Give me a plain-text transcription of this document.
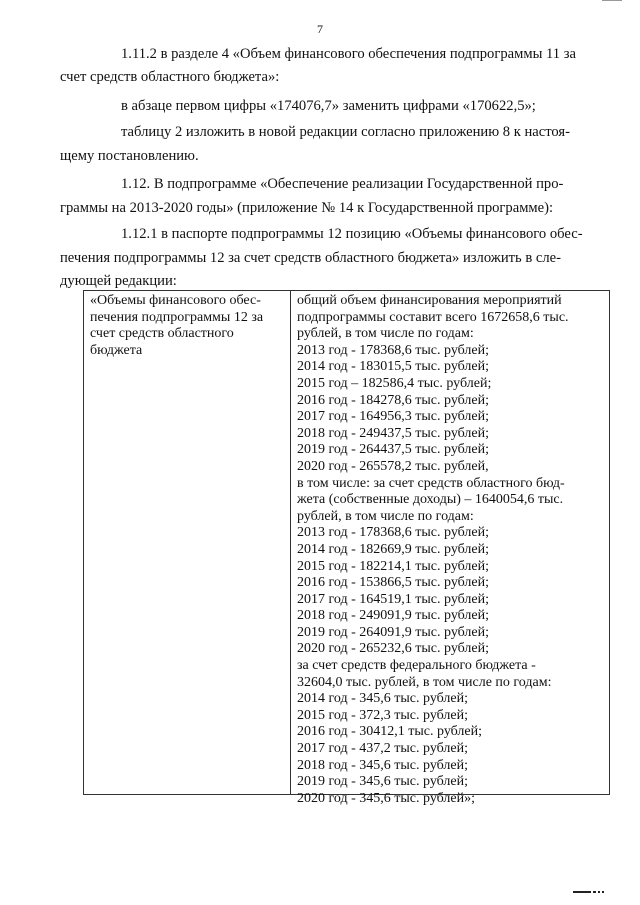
7
1.11.2 в разделе 4 «Объем финансового обеспечения подпрограммы 11 за
счет средств областного бюджета»:
в абзаце первом цифры «174076,7» заменить цифрами «170622,5»;
таблицу 2 изложить в новой редакции согласно приложению 8 к настоя-
щему постановлению.
1.12. В подпрограмме «Обеспечение реализации Государственной про-
граммы на 2013-2020 годы» (приложение № 14 к Государственной программе):
1.12.1 в паспорте подпрограммы 12 позицию «Объемы финансового обес-
печения подпрограммы 12 за счет средств областного бюджета» изложить в сле-
дующей редакции:
«Объемы финансового обес-
печения подпрограммы 12 за
счет средств областного
бюджета
общий объем финансирования мероприятий
подпрограммы составит всего 1672658,6 тыс.
рублей, в том числе по годам:
2013 год - 178368,6 тыс. рублей;
2014 год - 183015,5 тыс. рублей;
2015 год – 182586,4 тыс. рублей;
2016 год - 184278,6 тыс. рублей;
2017 год - 164956,3 тыс. рублей;
2018 год - 249437,5 тыс. рублей;
2019 год - 264437,5 тыс. рублей;
2020 год - 265578,2 тыс. рублей,
в том числе: за счет средств областного бюд-
жета (собственные доходы) – 1640054,6 тыс.
рублей, в том числе по годам:
2013 год - 178368,6 тыс. рублей;
2014 год - 182669,9 тыс. рублей;
2015 год - 182214,1 тыс. рублей;
2016 год - 153866,5 тыс. рублей;
2017 год - 164519,1 тыс. рублей;
2018 год - 249091,9 тыс. рублей;
2019 год - 264091,9 тыс. рублей;
2020 год - 265232,6 тыс. рублей;
за счет средств федерального бюджета -
32604,0 тыс. рублей, в том числе по годам:
2014 год - 345,6 тыс. рублей;
2015 год - 372,3 тыс. рублей;
2016 год - 30412,1 тыс. рублей;
2017 год - 437,2 тыс. рублей;
2018 год - 345,6 тыс. рублей;
2019 год - 345,6 тыс. рублей;
2020 год - 345,6 тыс. рублей»;
